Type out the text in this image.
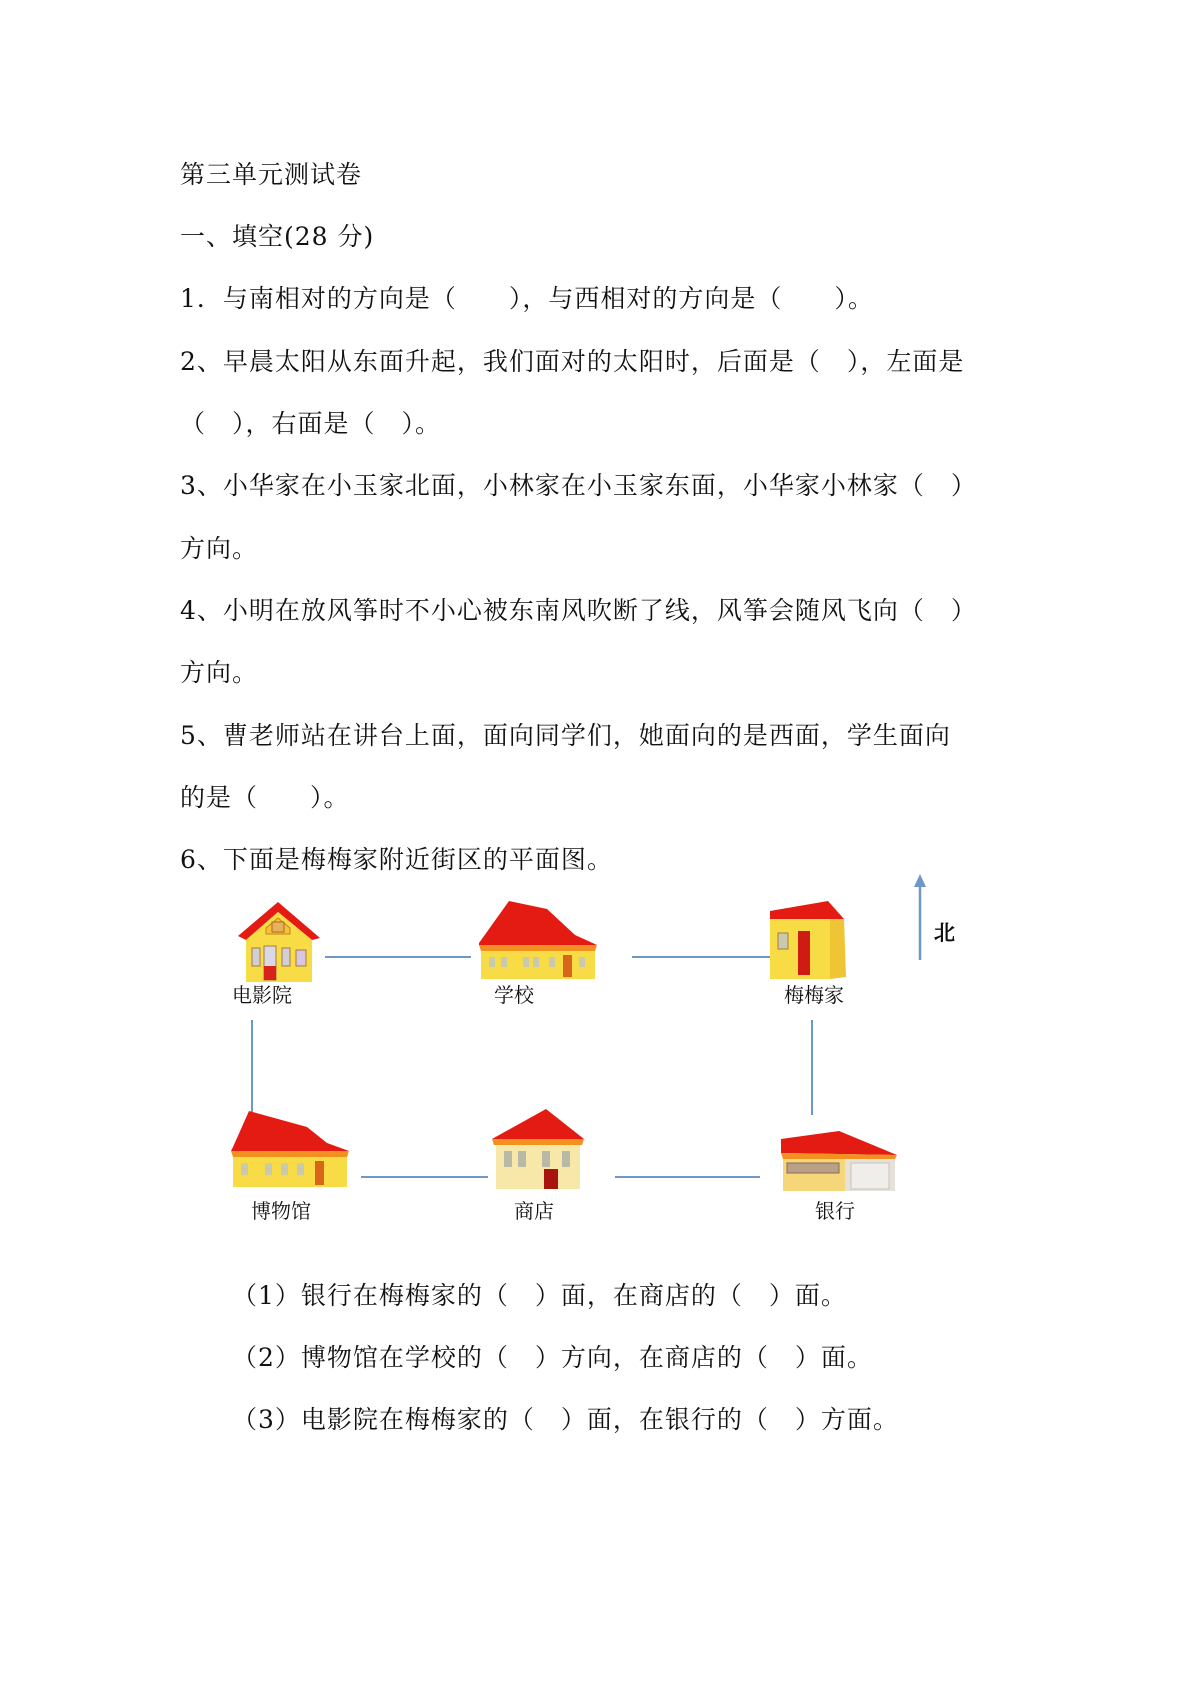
第三单元测试卷
一、填空(28 分)
1．与南相对的方向是（　　），与西相对的方向是（　　）。
2、早晨太阳从东面升起，我们面对的太阳时，后面是（　），左面是
（　），右面是（　）。
3、小华家在小玉家北面，小林家在小玉家东面，小华家小林家（　）
方向。
4、小明在放风筝时不小心被东南风吹断了线，风筝会随风飞向（　）
方向。
5、曹老师站在讲台上面，面向同学们，她面向的是西面，学生面向
的是（　　）。
6、下面是梅梅家附近街区的平面图。
北
电影院	学校	梅梅家
博物馆	商店	银行
（1）银行在梅梅家的（　）面，在商店的（　）面。
（2）博物馆在学校的（　）方向，在商店的（　）面。
（3）电影院在梅梅家的（　）面，在银行的（　）方面。
